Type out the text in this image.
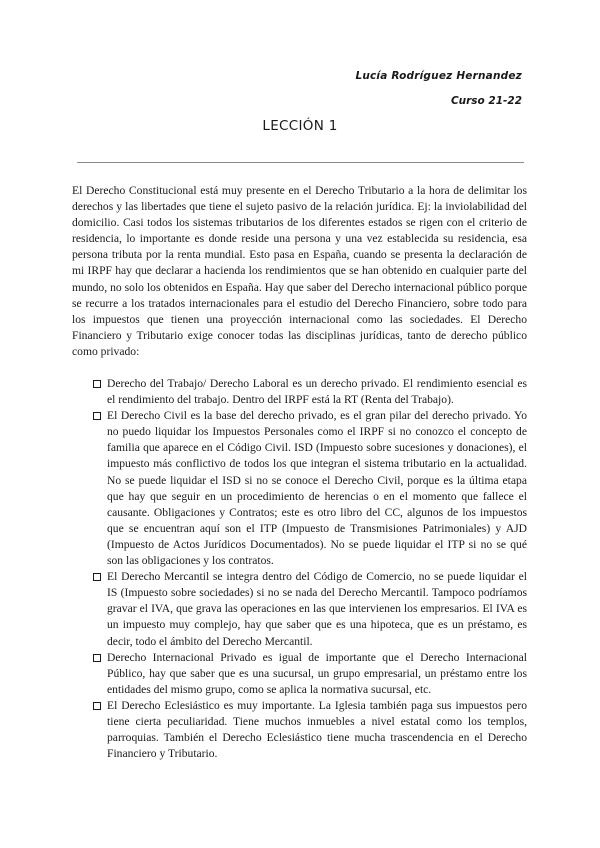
Lucía Rodríguez Hernandez
Curso 21-22
LECCIÓN 1

El Derecho Constitucional está muy presente en el Derecho Tributario a la hora de delimitar los derechos y las libertades que tiene el sujeto pasivo de la relación jurídica. Ej: la inviolabilidad del domicilio. Casi todos los sistemas tributarios de los diferentes estados se rigen con el criterio de residencia, lo importante es donde reside una persona y una vez establecida su residencia, esa persona tributa por la renta mundial. Esto pasa en España, cuando se presenta la declaración de mi IRPF hay que declarar a hacienda los rendimientos que se han obtenido en cualquier parte del mundo, no solo los obtenidos en España. Hay que saber del Derecho internacional público porque se recurre a los tratados internacionales para el estudio del Derecho Financiero, sobre todo para los impuestos que tienen una proyección internacional como las sociedades. El Derecho Financiero y Tributario exige conocer todas las disciplinas jurídicas, tanto de derecho público como privado:

Derecho del Trabajo/ Derecho Laboral es un derecho privado. El rendimiento esencial es el rendimiento del trabajo. Dentro del IRPF está la RT (Renta del Trabajo).
El Derecho Civil es la base del derecho privado, es el gran pilar del derecho privado. Yo no puedo liquidar los Impuestos Personales como el IRPF si no conozco el concepto de familia que aparece en el Código Civil. ISD (Impuesto sobre sucesiones y donaciones), el impuesto más conflictivo de todos los que integran el sistema tributario en la actualidad. No se puede liquidar el ISD si no se conoce el Derecho Civil, porque es la última etapa que hay que seguir en un procedimiento de herencias o en el momento que fallece el causante. Obligaciones y Contratos; este es otro libro del CC, algunos de los impuestos que se encuentran aquí son el ITP (Impuesto de Transmisiones Patrimoniales) y AJD (Impuesto de Actos Jurídicos Documentados). No se puede liquidar el ITP si no se qué son las obligaciones y los contratos.
El Derecho Mercantil se integra dentro del Código de Comercio, no se puede liquidar el IS (Impuesto sobre sociedades) si no se nada del Derecho Mercantil. Tampoco podríamos gravar el IVA, que grava las operaciones en las que intervienen los empresarios. El IVA es un impuesto muy complejo, hay que saber que es una hipoteca, que es un préstamo, es decir, todo el ámbito del Derecho Mercantil.
Derecho Internacional Privado es igual de importante que el Derecho Internacional Público, hay que saber que es una sucursal, un grupo empresarial, un préstamo entre los entidades del mismo grupo, como se aplica la normativa sucursal, etc.
El Derecho Eclesiástico es muy importante. La Iglesia también paga sus impuestos pero tiene cierta peculiaridad. Tiene muchos inmuebles a nivel estatal como los templos, parroquias. También el Derecho Eclesiástico tiene mucha trascendencia en el Derecho Financiero y Tributario.
